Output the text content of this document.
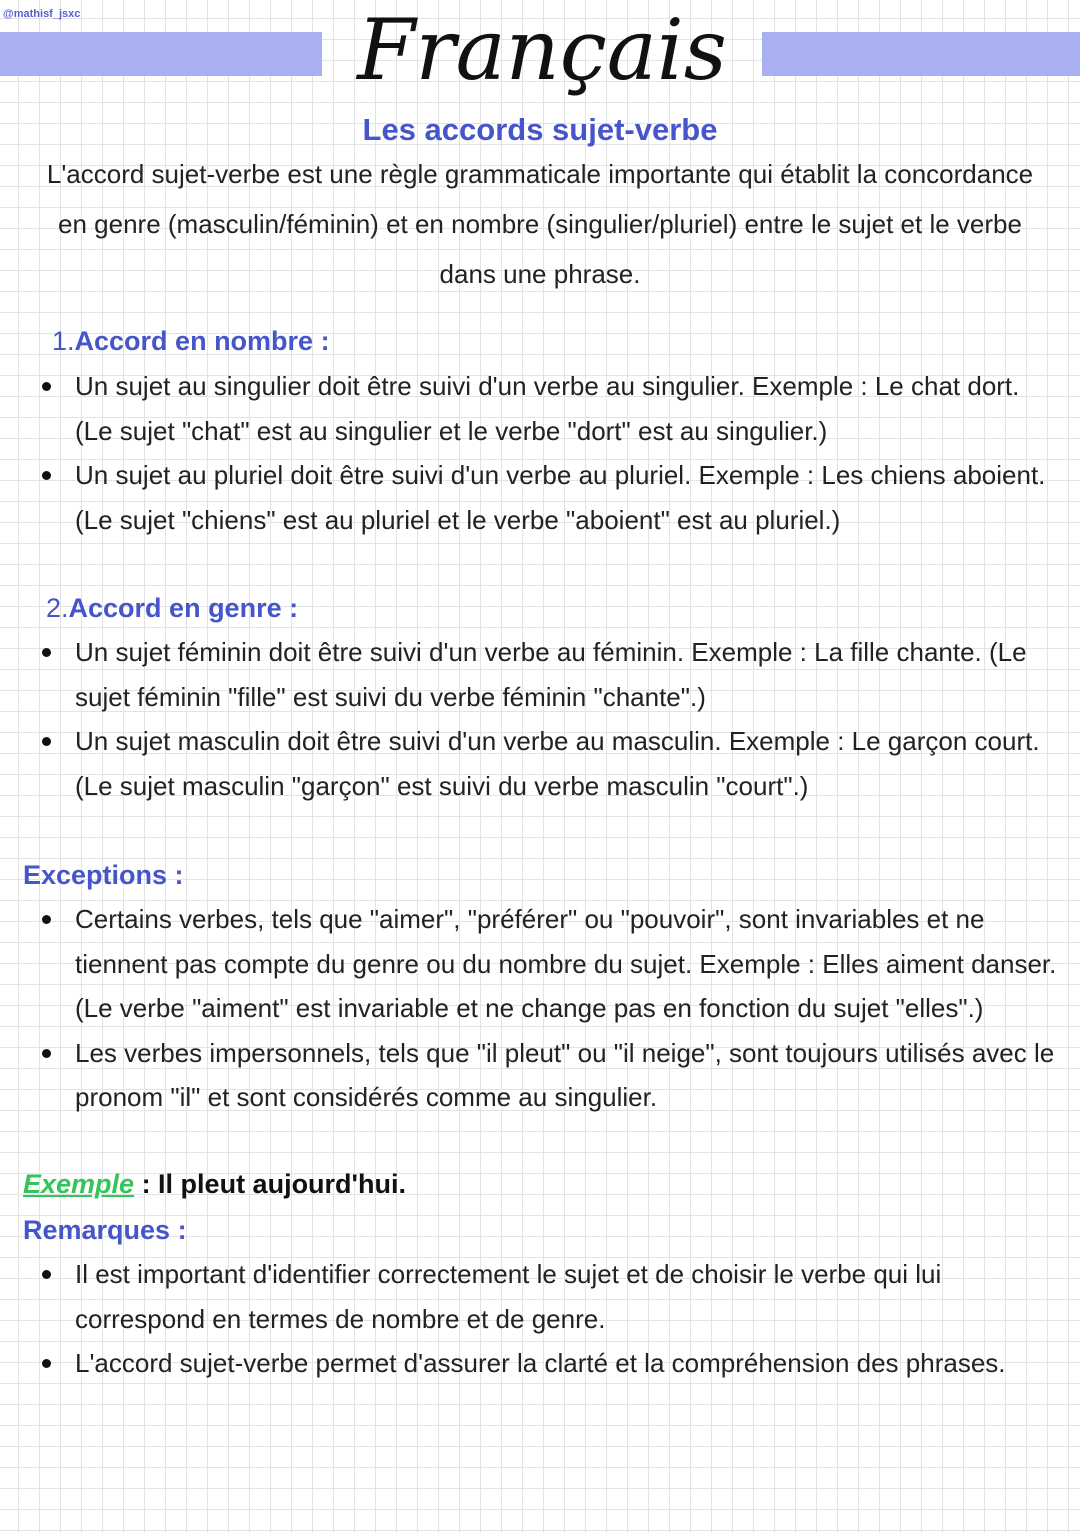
@mathisf_jsxc	Français
Les accords sujet-verbe
L'accord sujet-verbe est une règle grammaticale importante qui établit la concordance en genre (masculin/féminin) et en nombre (singulier/pluriel) entre le sujet et le verbe dans une phrase.
1.Accord en nombre :
Un sujet au singulier doit être suivi d'un verbe au singulier. Exemple : Le chat dort. (Le sujet "chat" est au singulier et le verbe "dort" est au singulier.)
Un sujet au pluriel doit être suivi d'un verbe au pluriel. Exemple : Les chiens aboient. (Le sujet "chiens" est au pluriel et le verbe "aboient" est au pluriel.)
2.Accord en genre :
Un sujet féminin doit être suivi d'un verbe au féminin. Exemple : La fille chante. (Le sujet féminin "fille" est suivi du verbe féminin "chante".)
Un sujet masculin doit être suivi d'un verbe au masculin. Exemple : Le garçon court. (Le sujet masculin "garçon" est suivi du verbe masculin "court".)
Exceptions :
Certains verbes, tels que "aimer", "préférer" ou "pouvoir", sont invariables et ne tiennent pas compte du genre ou du nombre du sujet. Exemple : Elles aiment danser. (Le verbe "aiment" est invariable et ne change pas en fonction du sujet "elles".)
Les verbes impersonnels, tels que "il pleut" ou "il neige", sont toujours utilisés avec le pronom "il" et sont considérés comme au singulier.
Exemple : Il pleut aujourd'hui.
Remarques :
Il est important d'identifier correctement le sujet et de choisir le verbe qui lui correspond en termes de nombre et de genre.
L'accord sujet-verbe permet d'assurer la clarté et la compréhension des phrases.
